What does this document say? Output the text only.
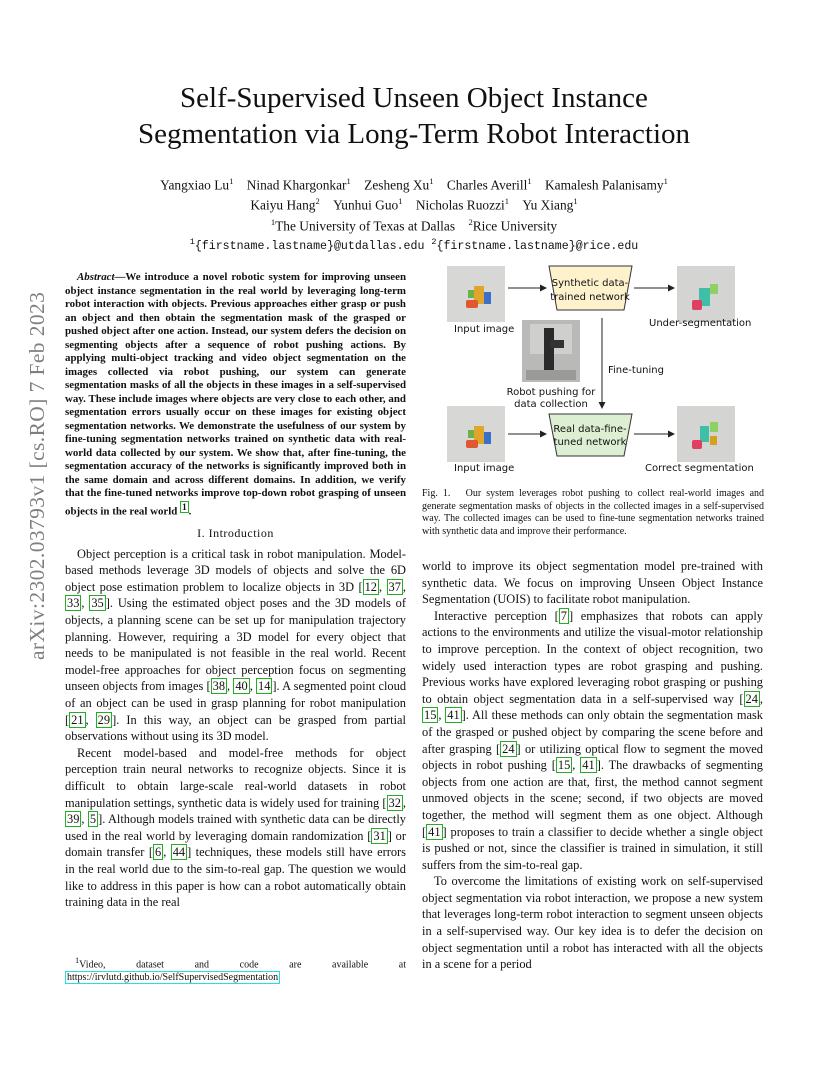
arXiv:2302.03793v1 [cs.RO] 7 Feb 2023
Self-Supervised Unseen Object Instance
Segmentation via Long-Term Robot Interaction
Yangxiao Lu$^1$  Ninad Khargonkar$^1$  Zesheng Xu$^1$  Charles Averill$^1$  Kamalesh Palanisamy$^1$
Kaiyu Hang$^2$  Yunhui Guo$^1$  Nicholas Ruozzi$^1$  Yu Xiang$^1$
$^1$The University of Texas at Dallas $^2$Rice University
$^1${firstname.lastname}@utdallas.edu $^2${firstname.lastname}@rice.edu

Abstract—We introduce a novel robotic system for improving unseen object instance segmentation in the real world by leveraging long-term robot interaction with objects. Previous approaches either grasp or push an object and then obtain the segmentation mask of the grasped or pushed object after one action. Instead, our system defers the decision on segmenting objects after a sequence of robot pushing actions. By applying multi-object tracking and video object segmentation on the images collected via robot pushing, our system can generate segmentation masks of all the objects in these images in a self-supervised way. These include images where objects are very close to each other, and segmentation errors usually occur on these images for existing object segmentation networks. We demonstrate the usefulness of our system by fine-tuning segmentation networks trained on synthetic data with real-world data collected by our system. We show that, after fine-tuning, the segmentation accuracy of the networks is significantly improved both in the same domain and across different domains. In addition, we verify that the fine-tuned networks improve top-down robot grasping of unseen objects in the real world $^1$ .

I. Introduction

Object perception is a critical task in robot manipulation. Model-based methods leverage 3D models of objects and solve the 6D object pose estimation problem to localize objects in 3D [ 12 , 37 , 33 , 35 ]. Using the estimated object poses and the 3D models of objects, a planning scene can be set up for manipulation trajectory planning. However, requiring a 3D model for every object that needs to be manipulated is not feasible in the real world. Recent model-free approaches for object perception focus on segmenting unseen objects from images [ 38 , 40 , 14 ]. A segmented point cloud of an object can be used in grasp planning for robot manipulation [ 21 , 29 ]. In this way, an object can be grasped from partial observations without using its 3D model.

Recent model-based and model-free methods for object perception train neural networks to recognize objects. Since it is difficult to obtain large-scale real-world datasets in robot manipulation settings, synthetic data is widely used for training [ 32 , 39 , 5 ]. Although models trained with synthetic data can be directly used in the real world by leveraging domain randomization [ 31 ] or domain transfer [ 6 , 44 ] techniques, these models still have errors in the real world due to the sim-to-real gap. The question we would like to address in this paper is how can a robot automatically obtain training data in the real

$^1$Video, dataset and code are available at https://irvlutd.github.io/SelfSupervisedSegmentation
Input image
Synthetic data-
trained network
Under-segmentation
Robot pushing for
data collection
Fine-tuning
Input image
Real data-fine-
tuned network
Correct segmentation
Fig. 1. Our system leverages robot pushing to collect real-world images and generate segmentation masks of objects in the collected images in a self-supervised way. The collected images can be used to fine-tune segmentation networks trained with synthetic data and improve their performance.

world to improve its object segmentation model pre-trained with synthetic data. We focus on improving Unseen Object Instance Segmentation (UOIS) to facilitate robot manipulation.

Interactive perception [ 7 ] emphasizes that robots can apply actions to the environments and utilize the visual-motor relationship to improve perception. In the context of object recognition, two widely used interaction types are robot grasping and pushing. Previous works have explored leveraging robot grasping or pushing to obtain object segmentation data in a self-supervised way [ 24 , 15 , 41 ]. All these methods can only obtain the segmentation mask of the grasped or pushed object by comparing the scene before and after grasping [ 24 ] or utilizing optical flow to segment the moved objects in robot pushing [ 15 , 41 ]. The drawbacks of segmenting objects from one action are that, first, the method cannot segment unmoved objects in the scene; second, if two objects are moved together, the method will segment them as one object. Although [ 41 ] proposes to train a classifier to decide whether a single object is pushed or not, since the classifier is trained in simulation, it still suffers from the sim-to-real gap.

To overcome the limitations of existing work on self-supervised object segmentation via robot interaction, we propose a new system that leverages long-term robot interaction to segment unseen objects in a self-supervised way. Our key idea is to defer the decision on object segmentation until a robot has interacted with all the objects in a scene for a period
